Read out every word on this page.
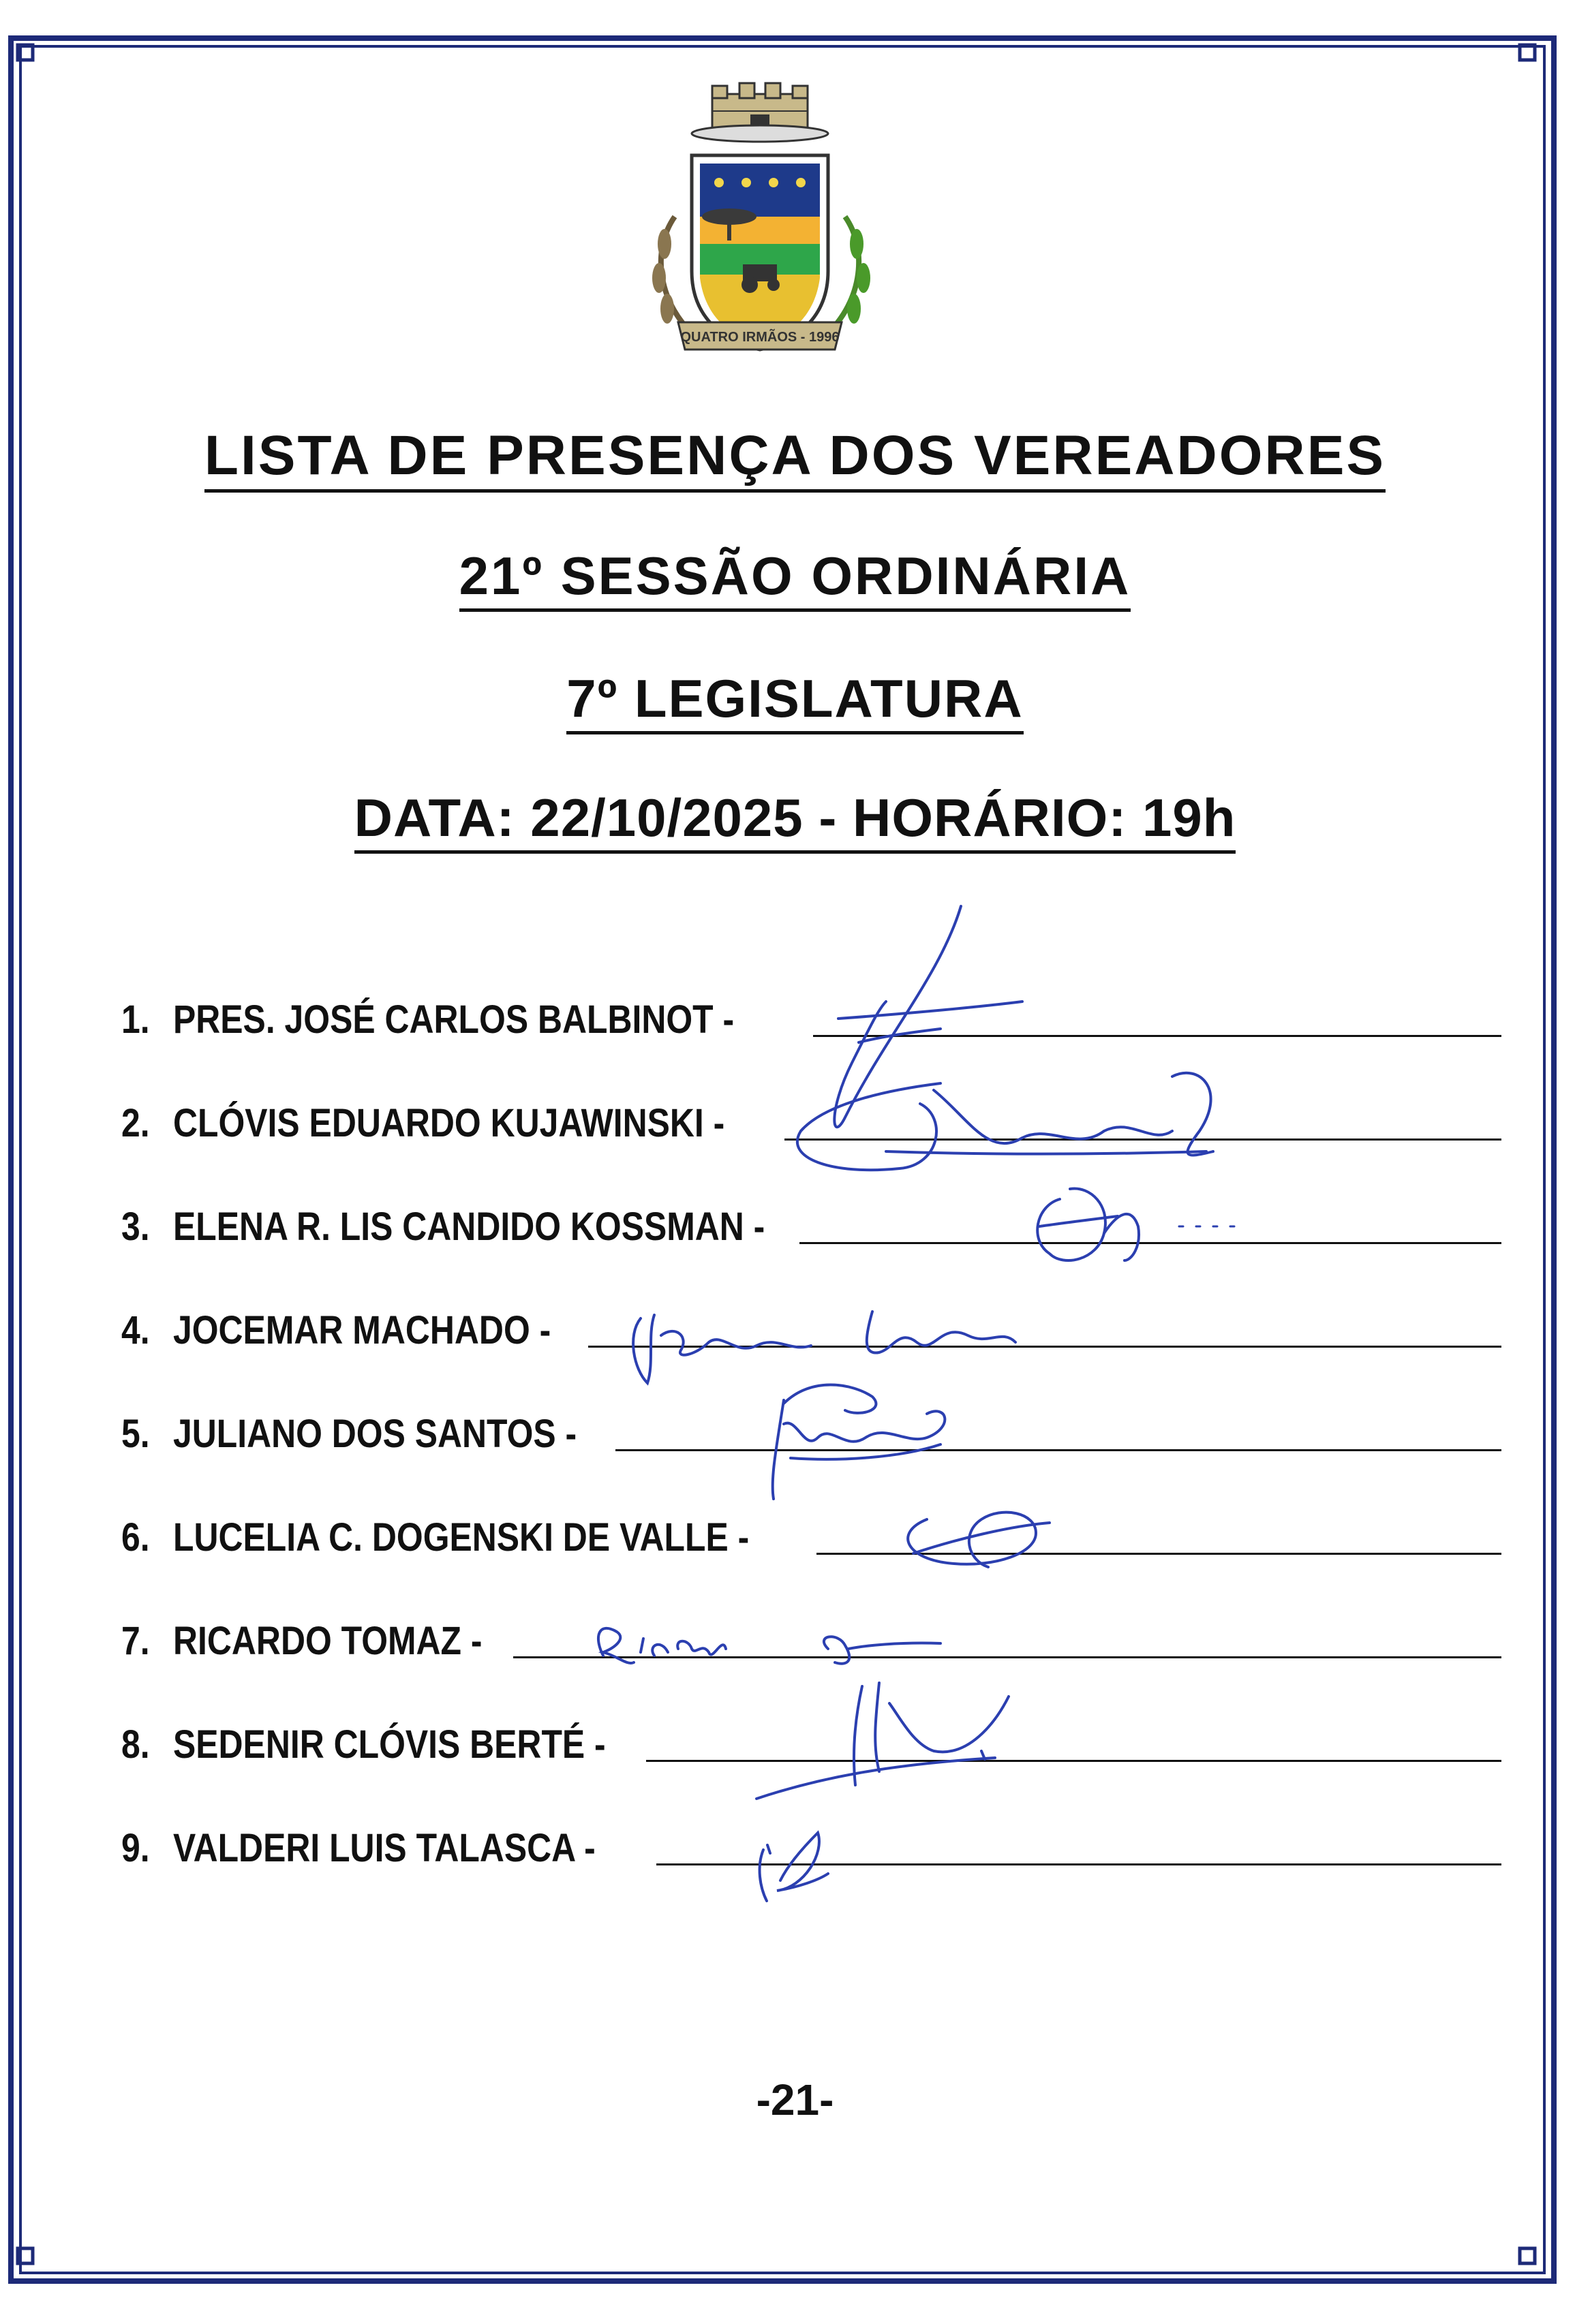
QUATRO IRMÃOS - 1996
LISTA DE PRESENÇA DOS VEREADORES
21º SESSÃO ORDINÁRIA
7º LEGISLATURA
DATA: 22/10/2025 - HORÁRIO: 19h
1. PRES. JOSÉ CARLOS BALBINOT -
2. CLÓVIS EDUARDO KUJAWINSKI -
3. ELENA R. LIS CANDIDO KOSSMAN -
4. JOCEMAR MACHADO -
5. JULIANO DOS SANTOS -
6. LUCELIA C. DOGENSKI DE VALLE -
7. RICARDO TOMAZ -
8. SEDENIR CLÓVIS BERTÉ -
9. VALDERI LUIS TALASCA -
-21-
